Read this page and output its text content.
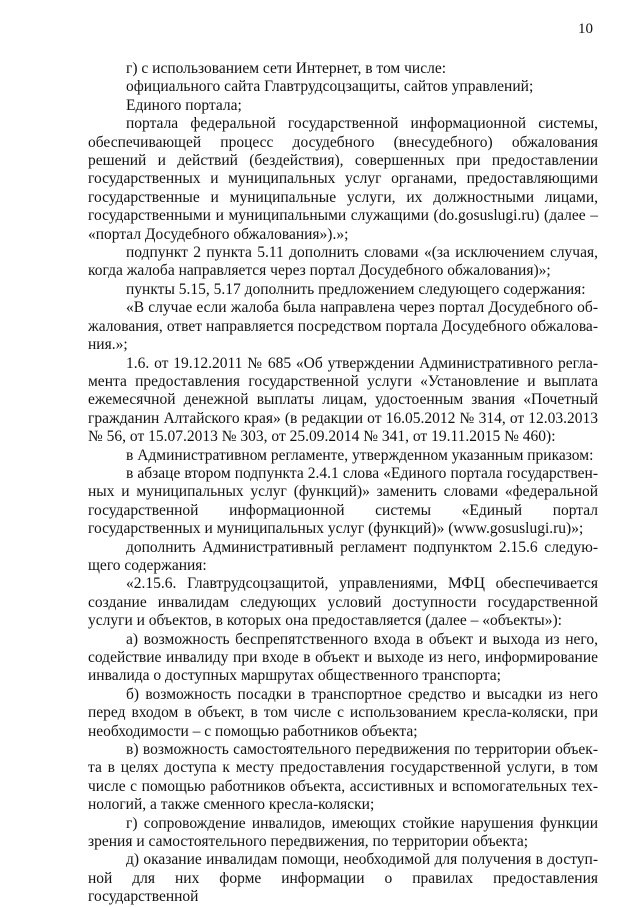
10

г) с использованием сети Интернет, в том числе:

официального сайта Главтрудсоцзащиты, сайтов управлений;

Единого портала;

портала федеральной государственной информационной системы, обеспечивающей процесс досудебного (внесудебного) обжалования решений и действий (бездействия), совершенных при предоставлении государственных и муниципальных услуг органами, предоставляющими государственные и муниципальные услуги, их должностными лицами, государственными и муниципальными служащими (do.gosuslugi.ru) (далее – «портал Досудебного обжалования»).»;

подпункт 2 пункта 5.11 дополнить словами «(за исключением случая, когда жалоба направляется через портал Досудебного обжалования)»;

пункты 5.15, 5.17 дополнить предложением следующего содержания:

«В случае если жалоба была направлена через портал Досудебного обжалования, ответ направляется посредством портала Досудебного обжалования.»;

1.6. от 19.12.2011 № 685 «Об утверждении Административного регламента предоставления государственной услуги «Установление и выплата ежемесячной денежной выплаты лицам, удостоенным звания «Почетный гражданин Алтайского края» (в редакции от 16.05.2012 № 314, от 12.03.2013 № 56, от 15.07.2013 № 303, от 25.09.2014 № 341, от 19.11.2015 № 460):

в Административном регламенте, утвержденном указанным приказом:

в абзаце втором подпункта 2.4.1 слова «Единого портала государственных и муниципальных услуг (функций)» заменить словами «федеральной государственной информационной системы «Единый портал государственных и муниципальных услуг (функций)» (www.gosuslugi.ru)»;

дополнить Административный регламент подпунктом 2.15.6 следующего содержания:

«2.15.6. Главтрудсоцзащитой, управлениями, МФЦ обеспечивается создание инвалидам следующих условий доступности государственной услуги и объектов, в которых она предоставляется (далее – «объекты»):

а) возможность беспрепятственного входа в объект и выхода из него, содействие инвалиду при входе в объект и выходе из него, информирование инвалида о доступных маршрутах общественного транспорта;

б) возможность посадки в транспортное средство и высадки из него перед входом в объект, в том числе с использованием кресла-коляски, при необходимости – с помощью работников объекта;

в) возможность самостоятельного передвижения по территории объекта в целях доступа к месту предоставления государственной услуги, в том числе с помощью работников объекта, ассистивных и вспомогательных технологий, а также сменного кресла-коляски;

г) сопровождение инвалидов, имеющих стойкие нарушения функции зрения и самостоятельного передвижения, по территории объекта;

д) оказание инвалидам помощи, необходимой для получения в доступной для них форме информации о правилах предоставления государственной
